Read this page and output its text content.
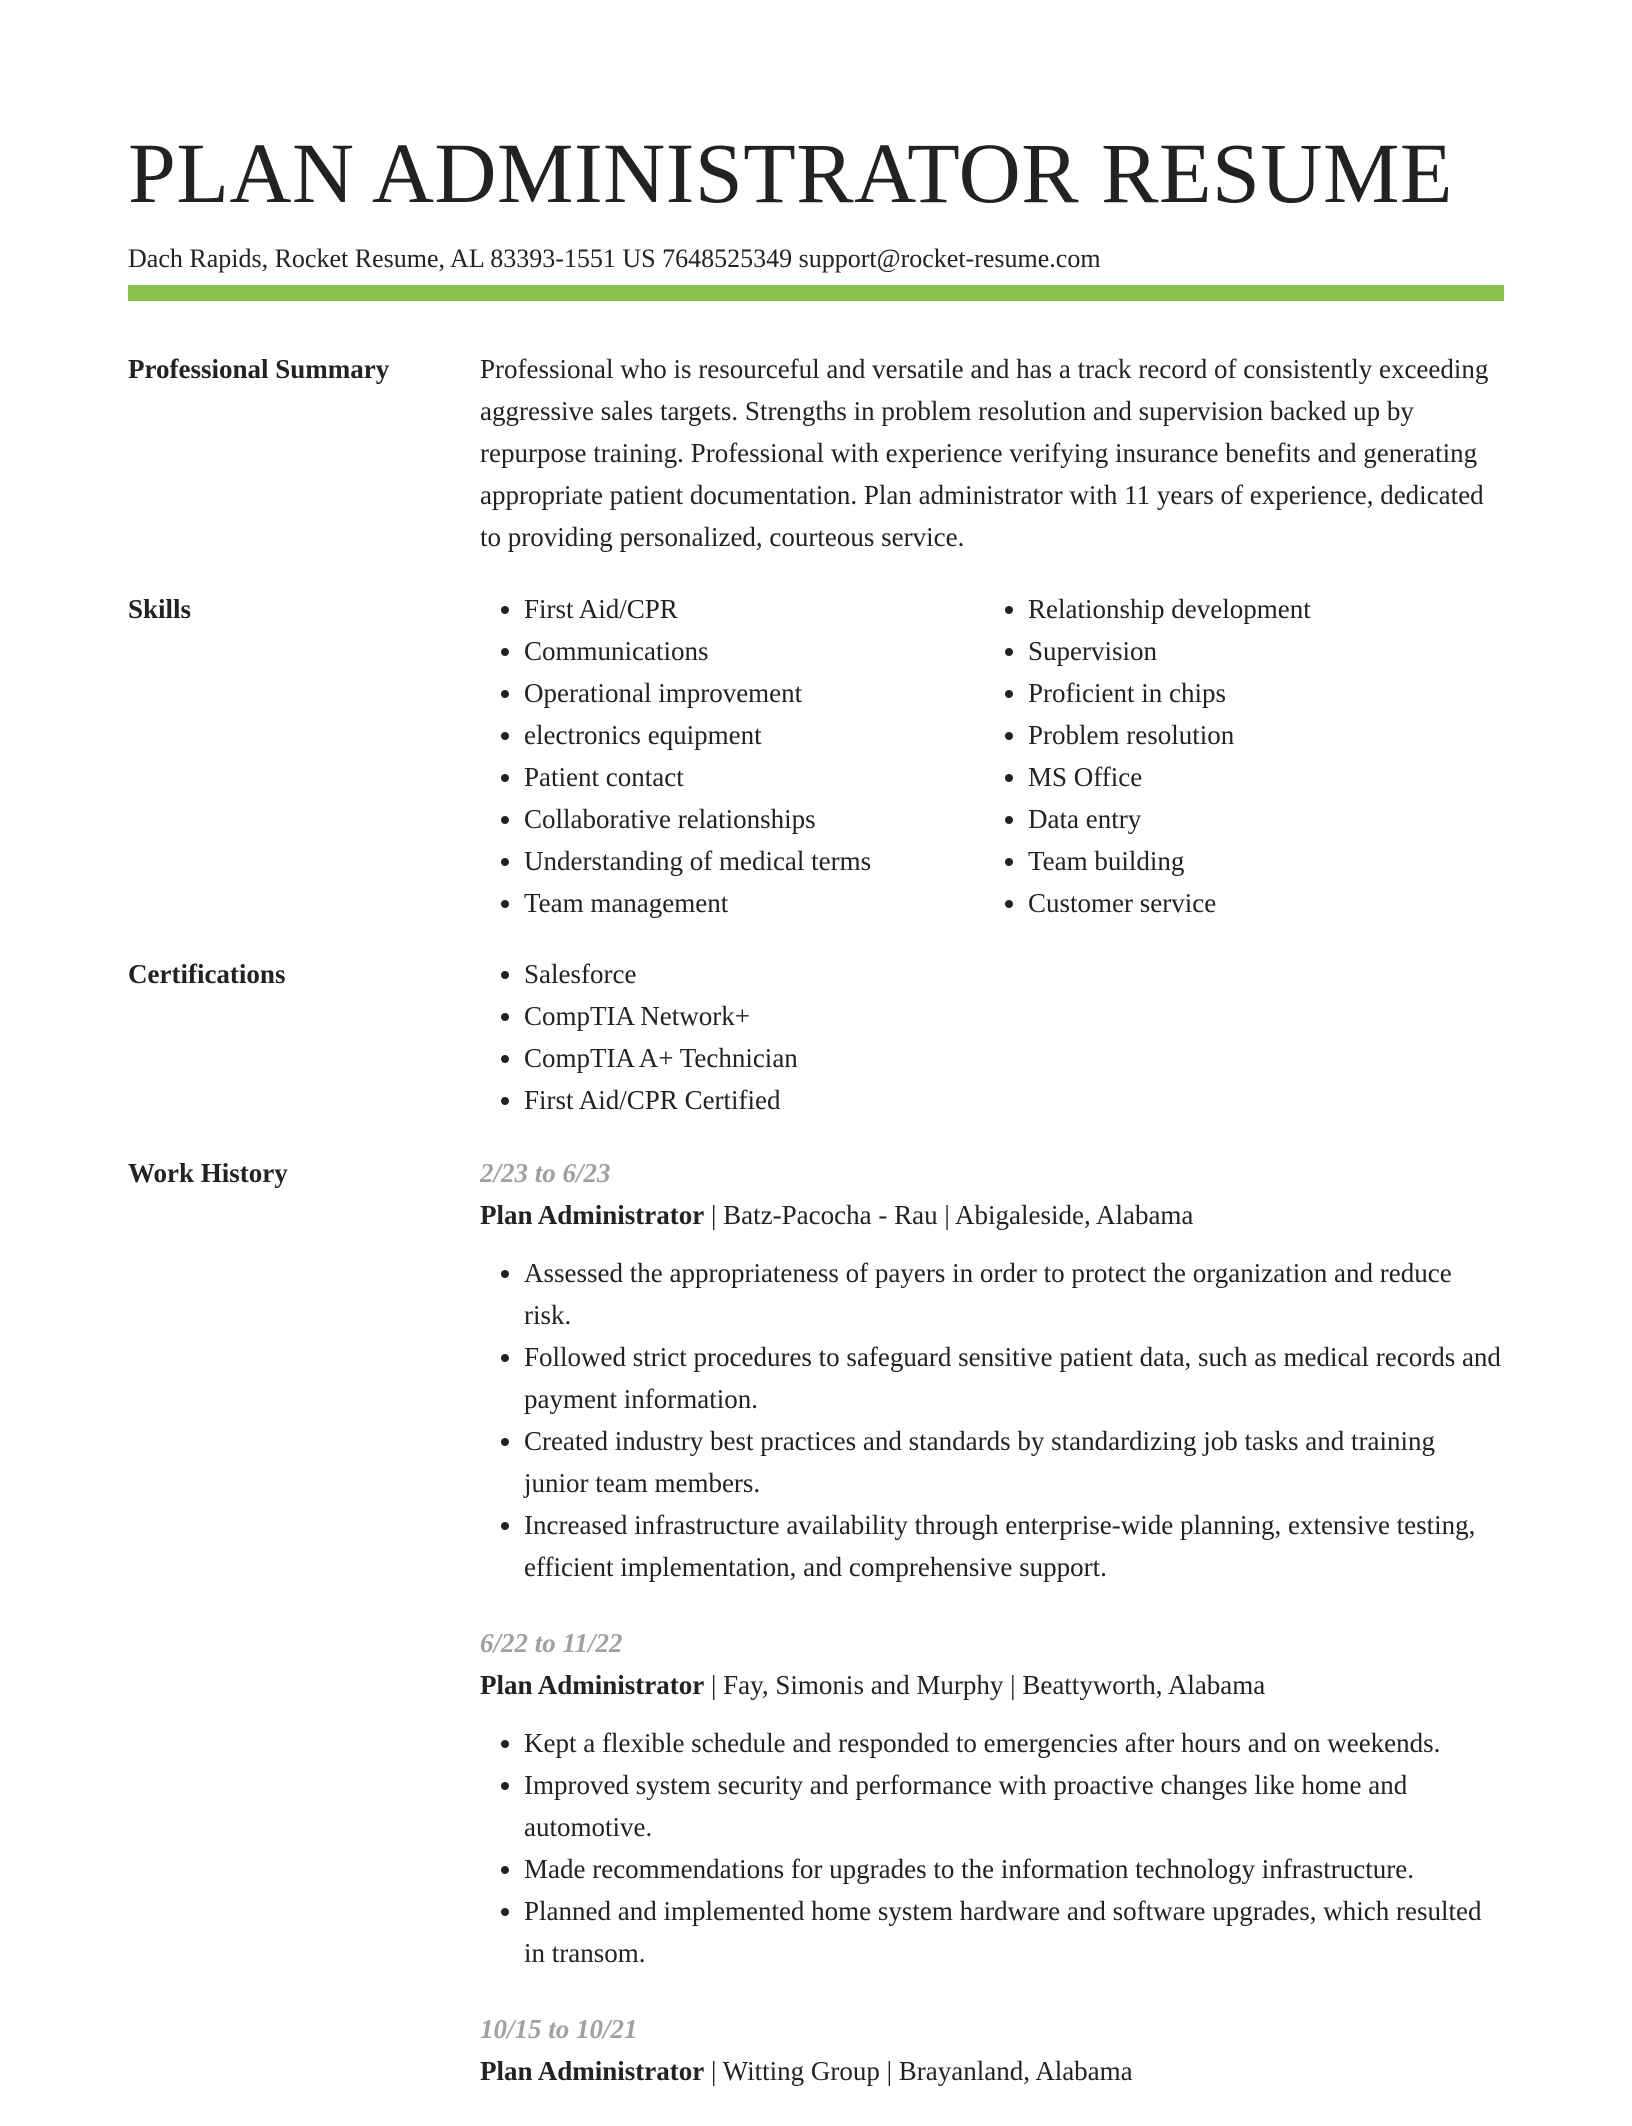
PLAN ADMINISTRATOR RESUME
Dach Rapids, Rocket Resume, AL 83393-1551 US 7648525349 support@rocket-resume.com
Professional Summary	Professional who is resourceful and versatile and has a track record of consistently exceeding aggressive sales targets. Strengths in problem resolution and supervision backed up by repurpose training. Professional with experience verifying insurance benefits and generating appropriate patient documentation. Plan administrator with 11 years of experience, dedicated to providing personalized, courteous service.
Skills	• First Aid/CPR
• Communications
• Operational improvement
• electronics equipment
• Patient contact
• Collaborative relationships
• Understanding of medical terms
• Team management
• Relationship development
• Supervision
• Proficient in chips
• Problem resolution
• MS Office
• Data entry
• Team building
• Customer service
Certifications	• Salesforce
• CompTIA Network+
• CompTIA A+ Technician
• First Aid/CPR Certified
Work History	2/23 to 6/23
Plan Administrator | Batz-Pacocha - Rau | Abigaleside, Alabama
• Assessed the appropriateness of payers in order to protect the organization and reduce risk.
• Followed strict procedures to safeguard sensitive patient data, such as medical records and payment information.
• Created industry best practices and standards by standardizing job tasks and training junior team members.
• Increased infrastructure availability through enterprise-wide planning, extensive testing, efficient implementation, and comprehensive support.
6/22 to 11/22
Plan Administrator | Fay, Simonis and Murphy | Beattyworth, Alabama
• Kept a flexible schedule and responded to emergencies after hours and on weekends.
• Improved system security and performance with proactive changes like home and automotive.
• Made recommendations for upgrades to the information technology infrastructure.
• Planned and implemented home system hardware and software upgrades, which resulted in transom.
10/15 to 10/21
Plan Administrator | Witting Group | Brayanland, Alabama
